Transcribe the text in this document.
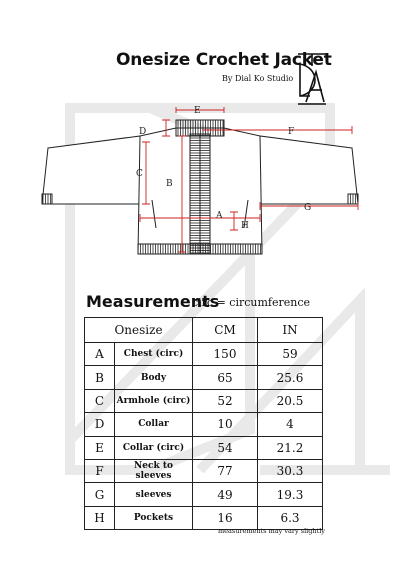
Onesize Crochet Jacket
By Dial Ko Studio
E
D	F
C
B
G
A
H
Measurements
circ = circumference
Onesize		CM	IN
A	Chest (circ)	150	59
B	Body	65	25.6
C	Armhole (circ)	52	20.5
D	Collar	10	4
E	Collar (circ)	54	21.2
F	Neck to sleeves	77	30.3
G	sleeves	49	19.3
H	Pockets	16	6.3
measurements may vary slightly
